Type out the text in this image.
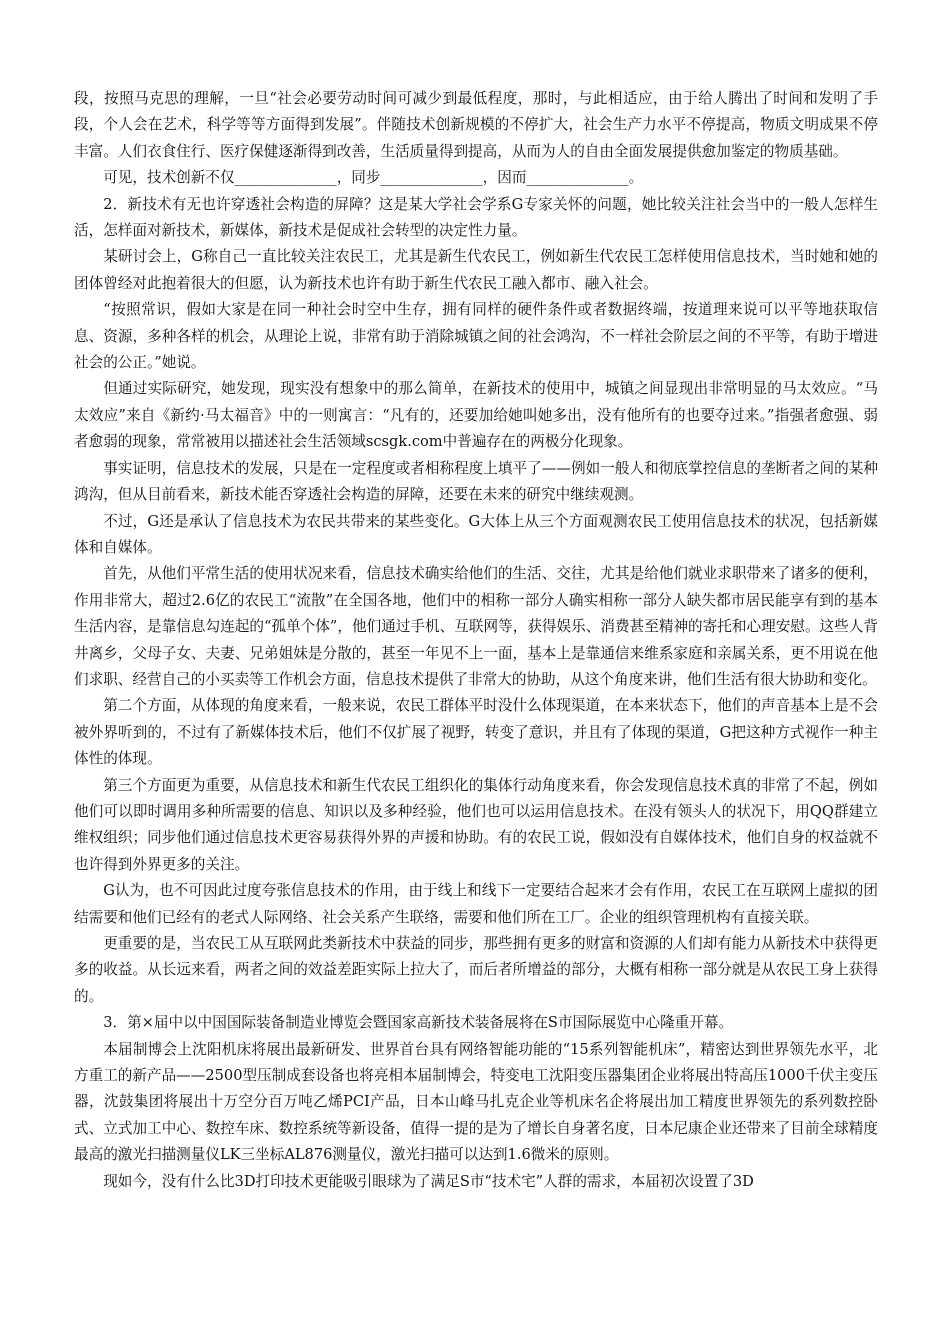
段，按照马克思的理解，一旦“社会必要劳动时间可减少到最低程度，那时，与此相适应，由于给人腾出了时间和发明了手段，个人会在艺术，科学等等方面得到发展”。伴随技术创新规模的不停扩大，社会生产力水平不停提高，物质文明成果不停丰富。人们衣食住行、医疗保健逐渐得到改善，生活质量得到提高，从而为人的自由全面发展提供愈加鉴定的物质基础。

可见，技术创新不仅______________，同步______________，因而______________。

2．新技术有无也许穿透社会构造的屏障？这是某大学社会学系G专家关怀的问题，她比较关注社会当中的一般人怎样生活，怎样面对新技术，新媒体，新技术是促成社会转型的决定性力量。

某研讨会上，G称自己一直比较关注农民工，尤其是新生代农民工，例如新生代农民工怎样使用信息技术，当时她和她的团体曾经对此抱着很大的但愿，认为新技术也许有助于新生代农民工融入都市、融入社会。

“按照常识，假如大家是在同一种社会时空中生存，拥有同样的硬件条件或者数据终端，按道理来说可以平等地获取信息、资源，多种各样的机会，从理论上说，非常有助于消除城镇之间的社会鸿沟，不一样社会阶层之间的不平等，有助于增进社会的公正。”她说。

但通过实际研究，她发现，现实没有想象中的那么简单，在新技术的使用中，城镇之间显现出非常明显的马太效应。“马太效应”来自《新约·马太福音》中的一则寓言：“凡有的，还要加给她叫她多出，没有他所有的也要夺过来。”指强者愈强、弱者愈弱的现象，常常被用以描述社会生活领域scsgk.com中普遍存在的两极分化现象。

事实证明，信息技术的发展，只是在一定程度或者相称程度上填平了——例如一般人和彻底掌控信息的垄断者之间的某种鸿沟，但从目前看来，新技术能否穿透社会构造的屏障，还要在未来的研究中继续观测。

不过，G还是承认了信息技术为农民共带来的某些变化。G大体上从三个方面观测农民工使用信息技术的状况，包括新媒体和自媒体。

首先，从他们平常生活的使用状况来看，信息技术确实给他们的生活、交往，尤其是给他们就业求职带来了诸多的便利，作用非常大，超过2.6亿的农民工“流散”在全国各地，他们中的相称一部分人确实相称一部分人缺失都市居民能享有到的基本生活内容，是靠信息勾连起的“孤单个体”，他们通过手机、互联网等，获得娱乐、消费甚至精神的寄托和心理安慰。这些人背井离乡，父母子女、夫妻、兄弟姐妹是分散的，甚至一年见不上一面，基本上是靠通信来维系家庭和亲属关系，更不用说在他们求职、经营自己的小买卖等工作机会方面，信息技术提供了非常大的协助，从这个角度来讲，他们生活有很大协助和变化。

第二个方面，从体现的角度来看，一般来说，农民工群体平时没什么体现渠道，在本来状态下，他们的声音基本上是不会被外界听到的，不过有了新媒体技术后，他们不仅扩展了视野，转变了意识，并且有了体现的渠道，G把这种方式视作一种主体性的体现。

第三个方面更为重要，从信息技术和新生代农民工组织化的集体行动角度来看，你会发现信息技术真的非常了不起，例如他们可以即时调用多种所需要的信息、知识以及多种经验，他们也可以运用信息技术。在没有领头人的状况下，用QQ群建立维权组织；同步他们通过信息技术更容易获得外界的声援和协助。有的农民工说，假如没有自媒体技术，他们自身的权益就不也许得到外界更多的关注。

G认为，也不可因此过度夸张信息技术的作用，由于线上和线下一定要结合起来才会有作用，农民工在互联网上虚拟的团结需要和他们已经有的老式人际网络、社会关系产生联络，需要和他们所在工厂。企业的组织管理机构有直接关联。

更重要的是，当农民工从互联网此类新技术中获益的同步，那些拥有更多的财富和资源的人们却有能力从新技术中获得更多的收益。从长远来看，两者之间的效益差距实际上拉大了，而后者所增益的部分，大概有相称一部分就是从农民工身上获得的。

3．第×届中以中国国际装备制造业博览会暨国家高新技术装备展将在S市国际展览中心隆重开幕。

本届制博会上沈阳机床将展出最新研发、世界首台具有网络智能功能的“15系列智能机床”，精密达到世界领先水平，北方重工的新产品——2500型压制成套设备也将亮相本届制博会，特变电工沈阳变压器集团企业将展出特高压1000千伏主变压器，沈鼓集团将展出十万空分百万吨乙烯PCI产品，日本山峰马扎克企业等机床名企将展出加工精度世界领先的系列数控卧式、立式加工中心、数控车床、数控系统等新设备，值得一提的是为了增长自身著名度，日本尼康企业还带来了目前全球精度最高的激光扫描测量仪LK三坐标AL876测量仪，激光扫描可以达到1.6微米的原则。

现如今，没有什么比3D打印技术更能吸引眼球为了满足S市“技术宅”人群的需求，本届初次设置了3D
